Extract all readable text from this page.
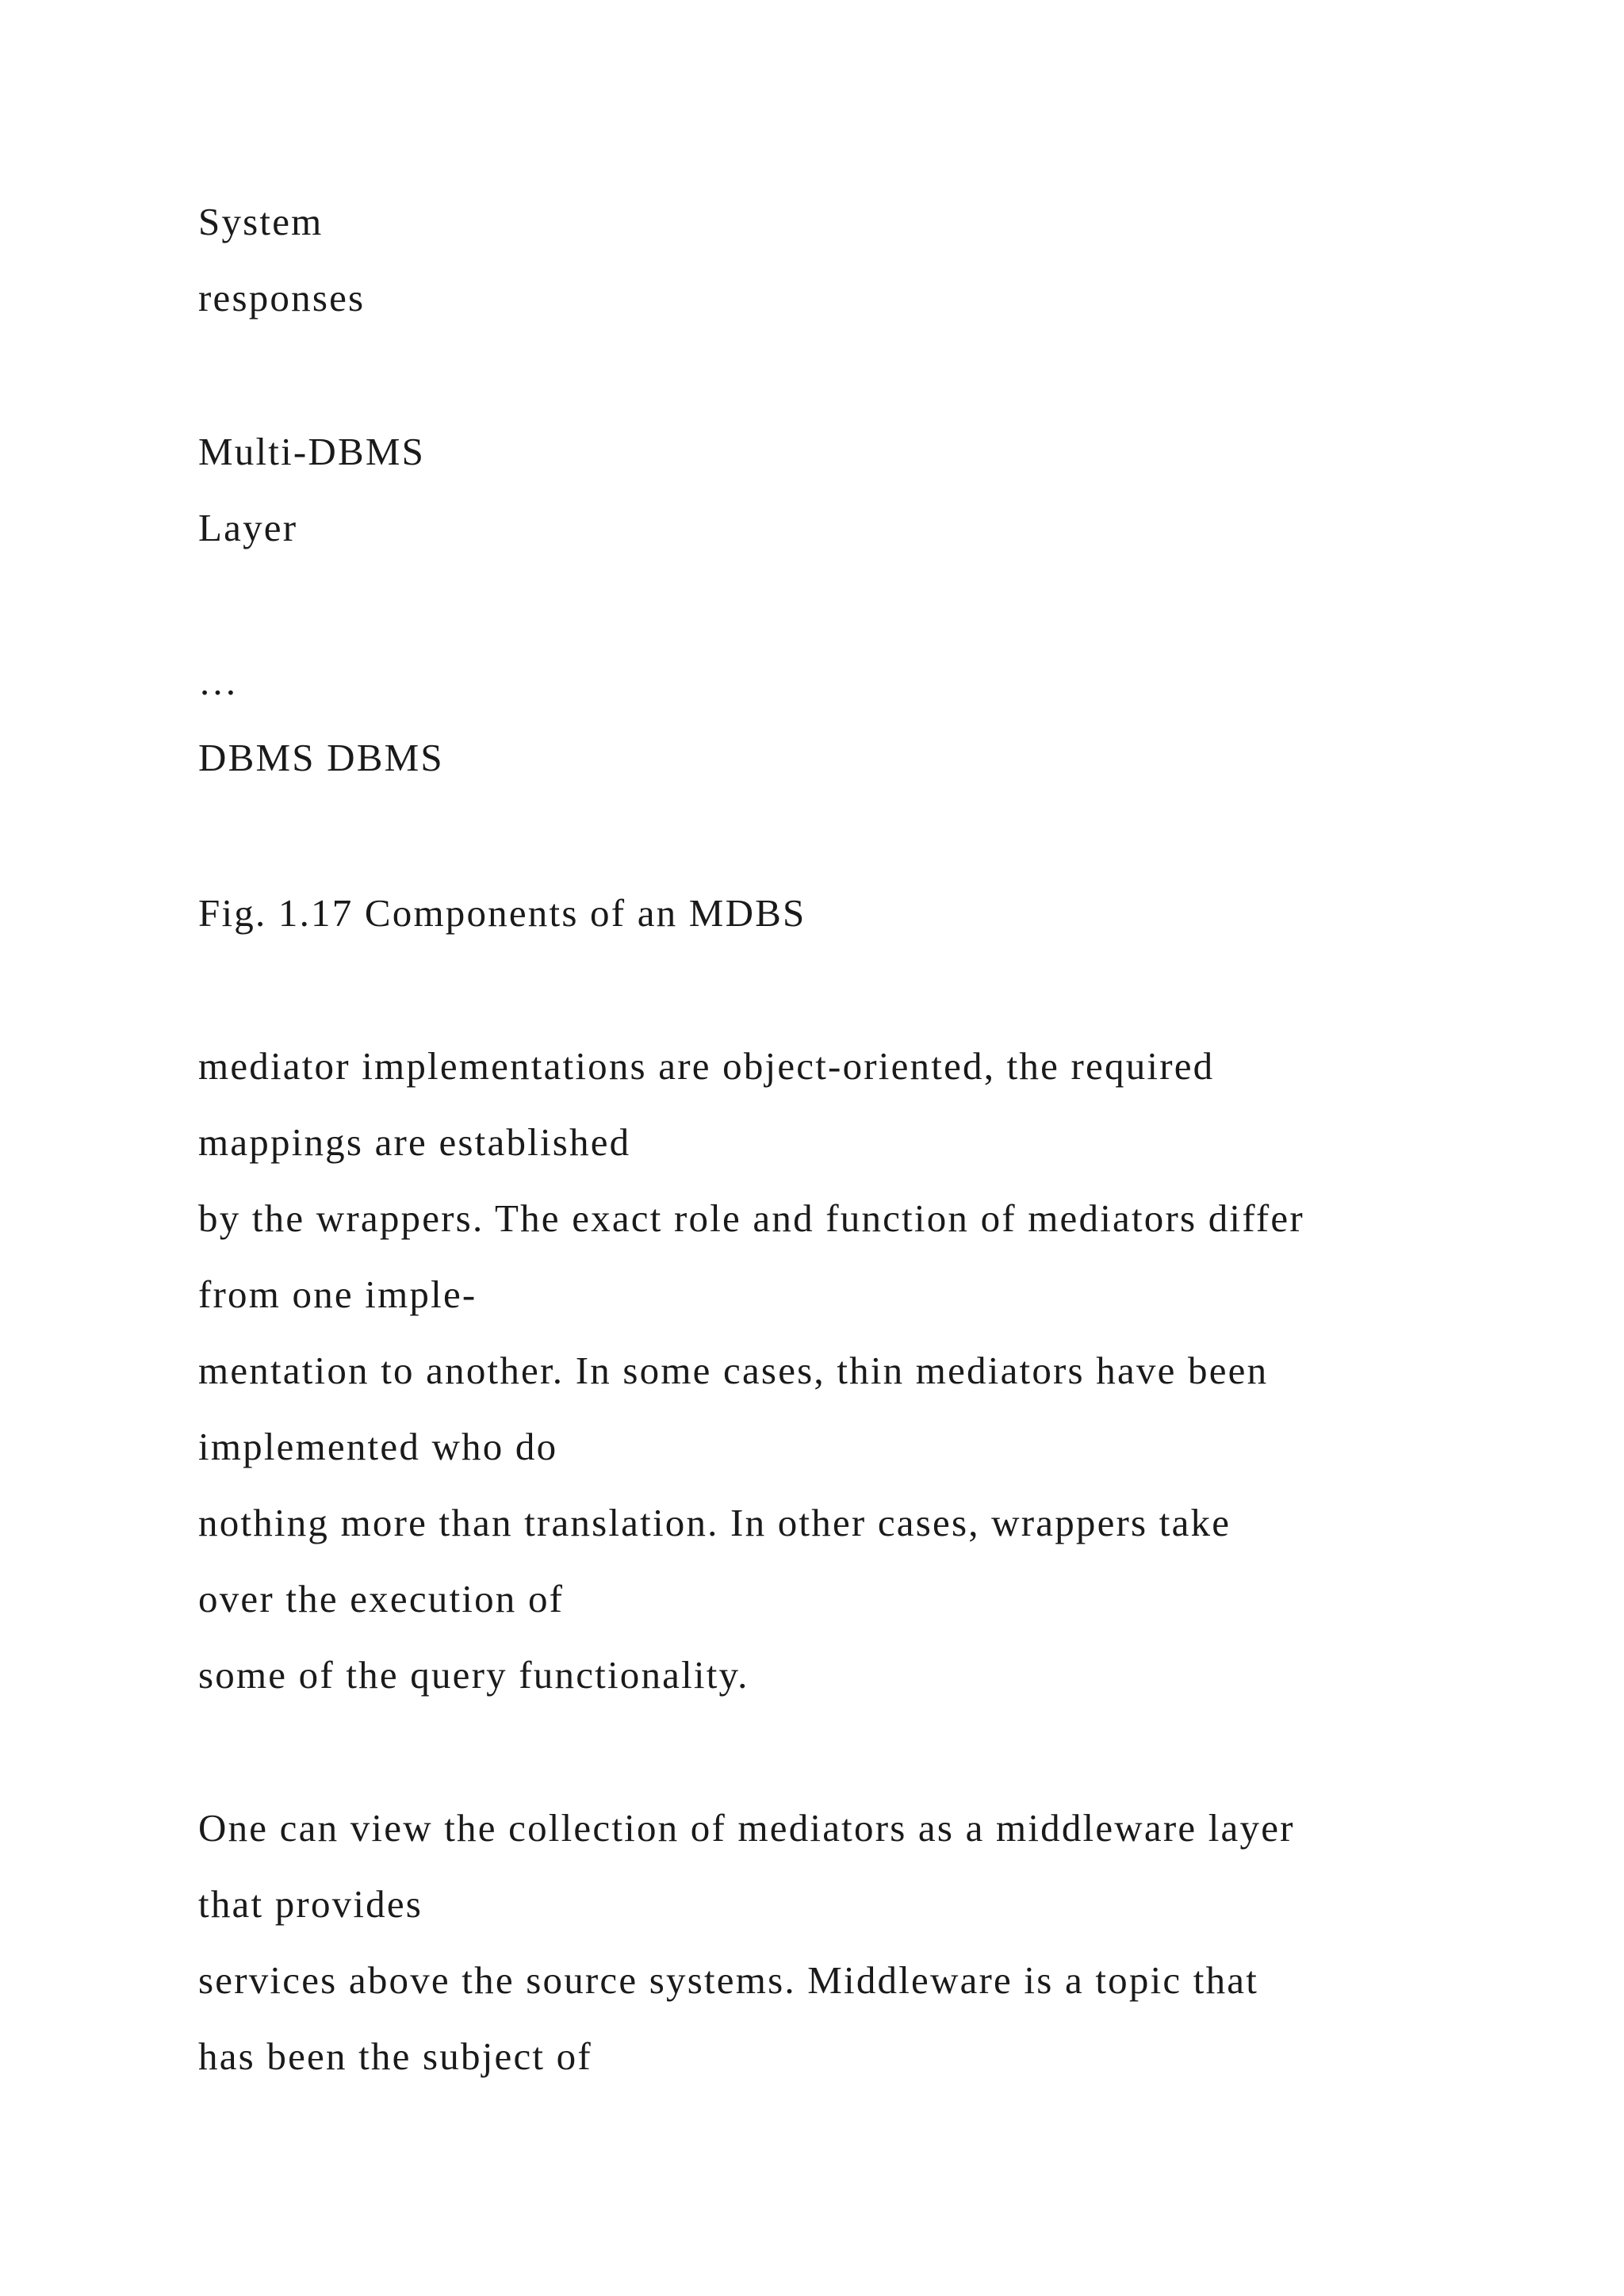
System
responses
Multi-DBMS
Layer
…
DBMS DBMS
Fig. 1.17 Components of an MDBS
mediator implementations are object-oriented, the required
mappings are established
by the wrappers. The exact role and function of mediators differ
from one imple-
mentation to another. In some cases, thin mediators have been
implemented who do
nothing more than translation. In other cases, wrappers take
over the execution of
some of the query functionality.
One can view the collection of mediators as a middleware layer
that provides
services above the source systems. Middleware is a topic that
has been the subject of
